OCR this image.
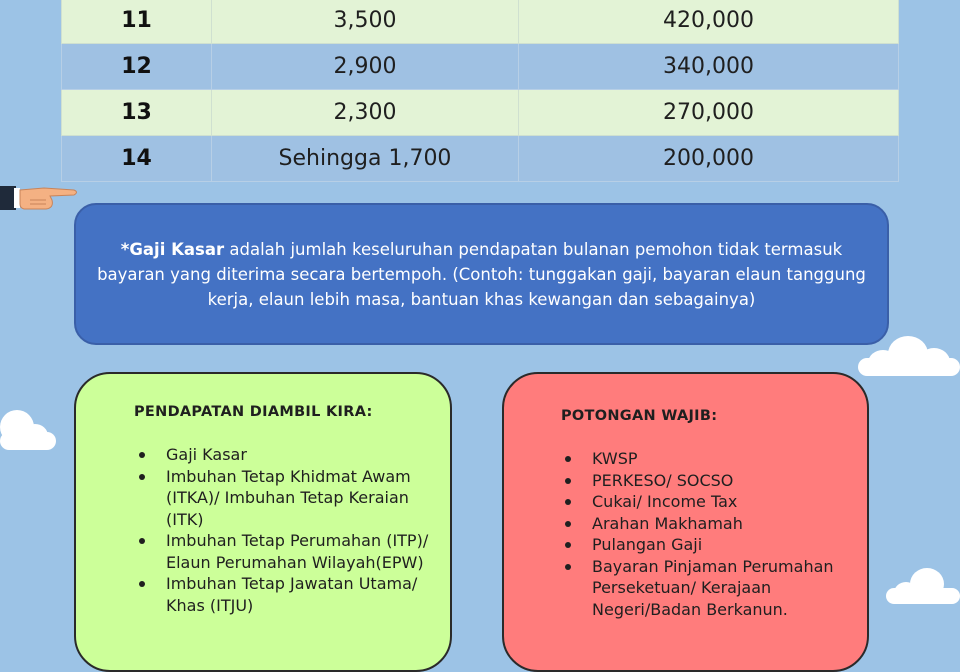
11	3,500	420,000
12	2,900	340,000
13	2,300	270,000
14	Sehingga 1,700	200,000
*Gaji Kasar adalah jumlah keseluruhan pendapatan bulanan pemohon tidak termasuk bayaran yang diterima secara bertempoh. (Contoh: tunggakan gaji, bayaran elaun tanggung kerja, elaun lebih masa, bantuan khas kewangan dan sebagainya)
PENDAPATAN DIAMBIL KIRA:
Gaji Kasar
Imbuhan Tetap Khidmat Awam (ITKA)/ Imbuhan Tetap Keraian (ITK)
Imbuhan Tetap Perumahan (ITP)/ Elaun Perumahan Wilayah(EPW)
Imbuhan Tetap Jawatan Utama/ Khas (ITJU)
POTONGAN WAJIB:
KWSP
PERKESO/ SOCSO
Cukai/ Income Tax
Arahan Makhamah
Pulangan Gaji
Bayaran Pinjaman Perumahan Perseketuan/ Kerajaan Negeri/Badan Berkanun.
